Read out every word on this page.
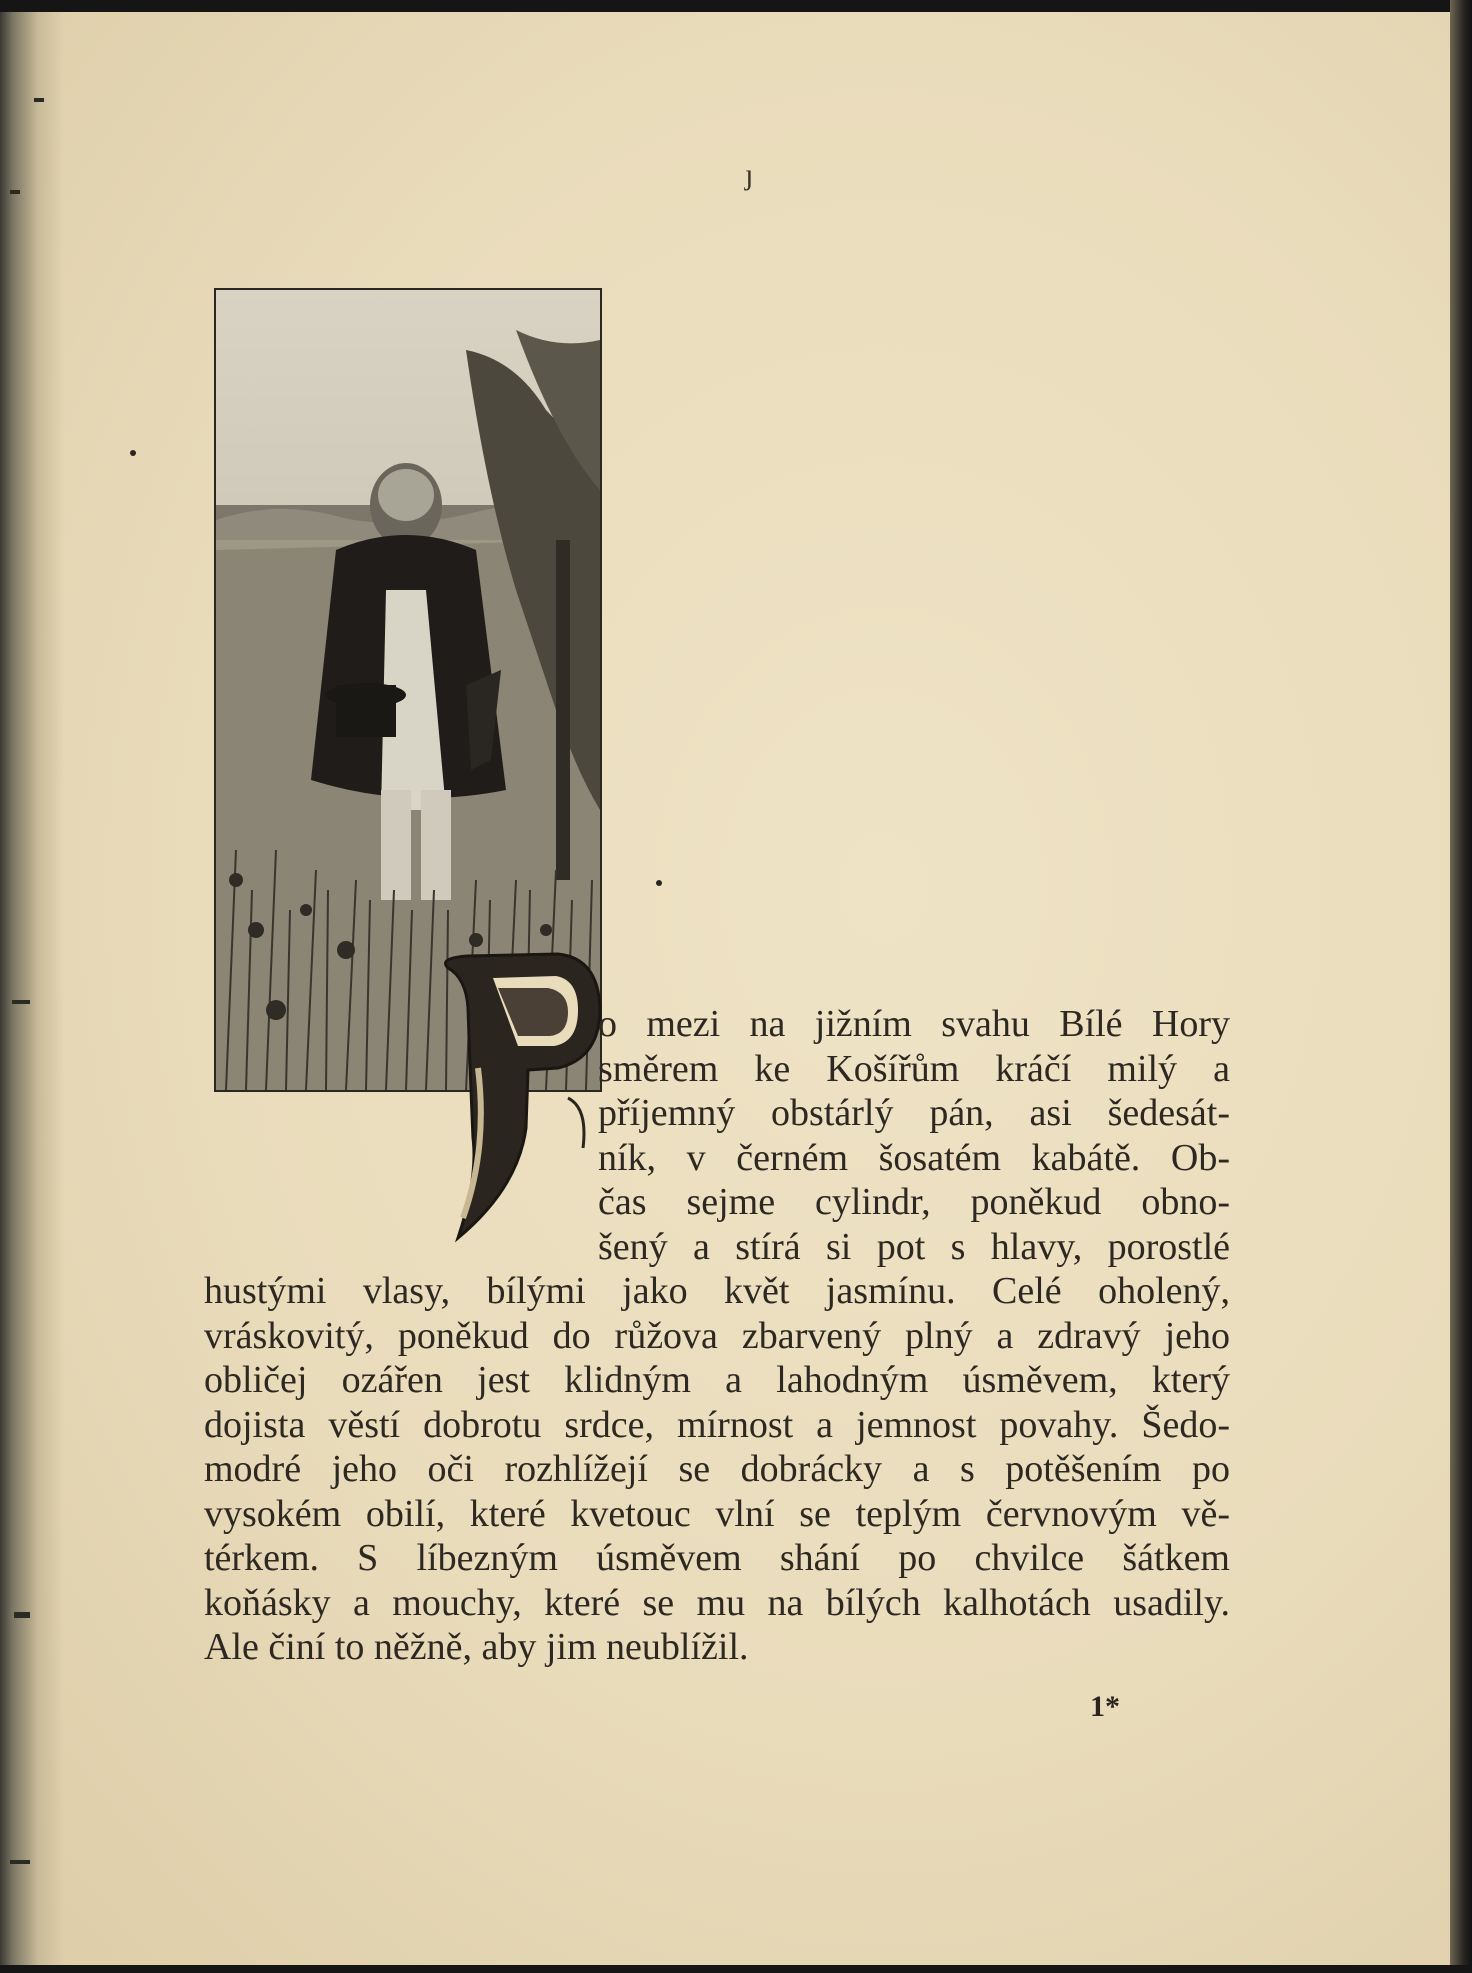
ȷ
o mezi na jižním svahu Bílé Hory
směrem ke Košířům kráčí milý a
příjemný obstárlý pán, asi šedesát-
ník, v černém šosatém kabátě. Ob-
čas sejme cylindr, poněkud obno-
šený a stírá si pot s hlavy, porostlé
hustými vlasy, bílými jako květ jasmínu. Celé oholený,
vráskovitý, poněkud do růžova zbarvený plný a zdravý jeho
obličej ozářen jest klidným a lahodným úsměvem, který
dojista věstí dobrotu srdce, mírnost a jemnost povahy. Šedo-
modré jeho oči rozhlížejí se dobrácky a s potěšením po
vysokém obilí, které kvetouc vlní se teplým červnovým vě-
térkem. S líbezným úsměvem shání po chvilce šátkem
koňásky a mouchy, které se mu na bílých kalhotách usadily.
Ale činí to něžně, aby jim neublížil.
1*
